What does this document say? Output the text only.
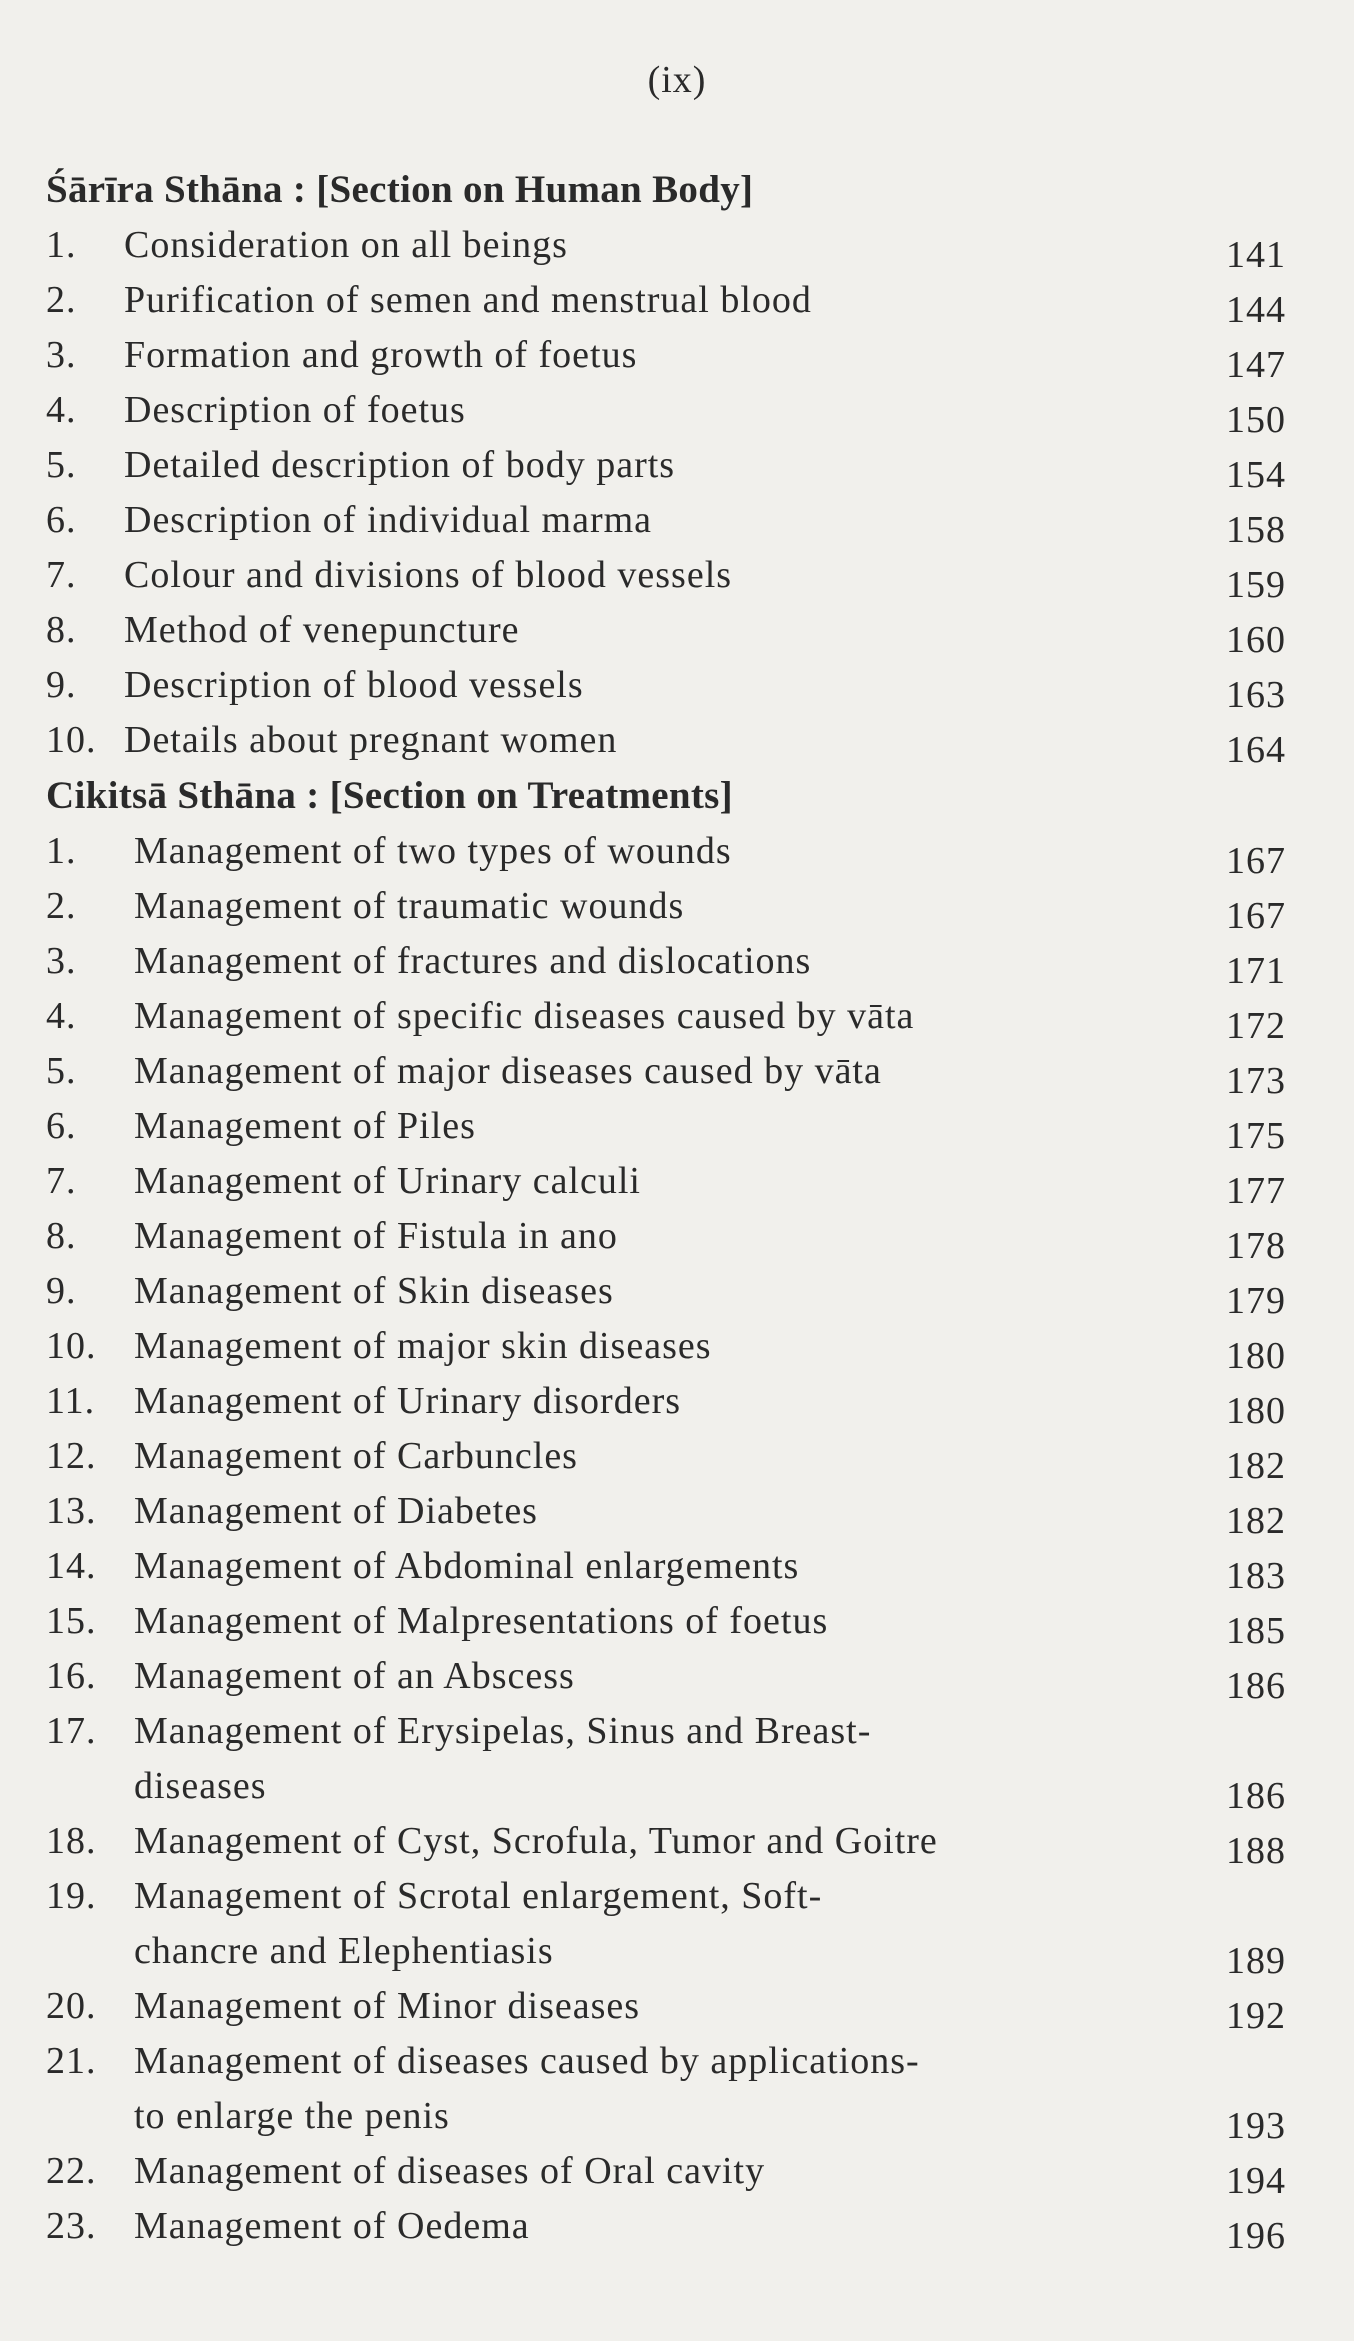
(ix)
Śārīra Sthāna : [Section on Human Body]
1.	Consideration on all beings	141
2.	Purification of semen and menstrual blood	144
3.	Formation and growth of foetus	147
4.	Description of foetus	150
5.	Detailed description of body parts	154
6.	Description of individual marma	158
7.	Colour and divisions of blood vessels	159
8.	Method of venepuncture	160
9.	Description of blood vessels	163
10. Details about pregnant women	164
Cikitsā Sthāna : [Section on Treatments]
1.	Management of two types of wounds	167
2.	Management of traumatic wounds	167
3.	Management of fractures and dislocations	171
4.	Management of specific diseases caused by vāta	172
5.	Management of major diseases caused by vāta	173
6.	Management of Piles	175
7.	Management of Urinary calculi	177
8.	Management of Fistula in ano	178
9.	Management of Skin diseases	179
10. Management of major skin diseases	180
11.	Management of Urinary disorders	180
12. Management of Carbuncles	182
13. Management of Diabetes	182
14. Management of Abdominal enlargements	183
15. Management of Malpresentations of foetus	185
16. Management of an Abscess	186
17. Management of Erysipelas, Sinus and Breast-
diseases	186
18. Management of Cyst, Scrofula, Tumor and Goitre	188
19. Management of Scrotal enlargement, Soft-
chancre and Elephentiasis	189
20. Management of Minor diseases	192
21. Management of diseases caused by applications-
to enlarge the penis	193
22. Management of diseases of Oral cavity	194
23. Management of Oedema	196
